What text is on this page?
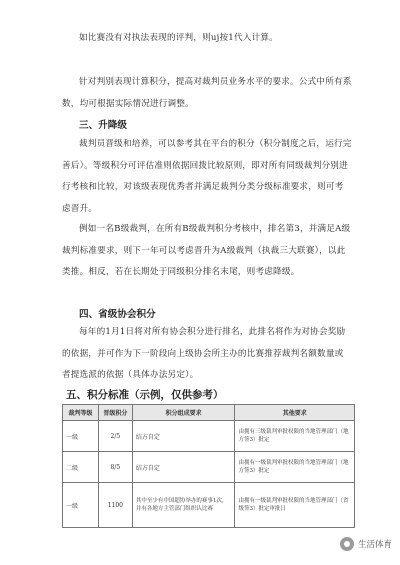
如比赛没有对执法表现的评判，则uj按1代入计算。
针对判别表现计算积分，提高对裁判员业务水平的要求。公式中所有系数，均可根据实际情况进行调整。
三、升降级
裁判员晋级和培养，可以参考其在平台的积分（积分制度之后，运行完善后）。等级积分可评估准则依据回拨比较原则，即对所有同级裁判分别进行考核和比较，对该级表现优秀者并满足裁判分类分级标准要求，则可考虑晋升。
例如一名B级裁判，在所有B级裁判积分考核中，排名第3，并满足A级裁判标准要求，则下一年可以考虑晋升为A级裁判（执裁三大联赛），以此类推。相反，若在长期处于同级积分排名末尾，则考虑降级。
四、省级协会积分
每年的1月1日将对所有协会积分进行排名，此排名将作为对协会奖励的依据，并可作为下一阶段向上级协会所主办的比赛推荐裁判名额数量或者提选派的依据（具体办法另定）。
五、积分标准（示例，仅供参考）
裁判等级	晋级积分	积分组成要求	其他要求
一级	2/5	结方自定	由拥有三级裁判审批权限的当地管理部门（地方签3）批定
二级	8/5	结方自定	由拥有一级裁判审批权限的当地管理部门（地方签3）批定
一级	1100	其中至少有中国超协举办的赛事1次，并有各地方主管部门组织认比赛	由拥有一级裁判审批权限的当地管理部门（省级签3）批定审批日
生活体育
